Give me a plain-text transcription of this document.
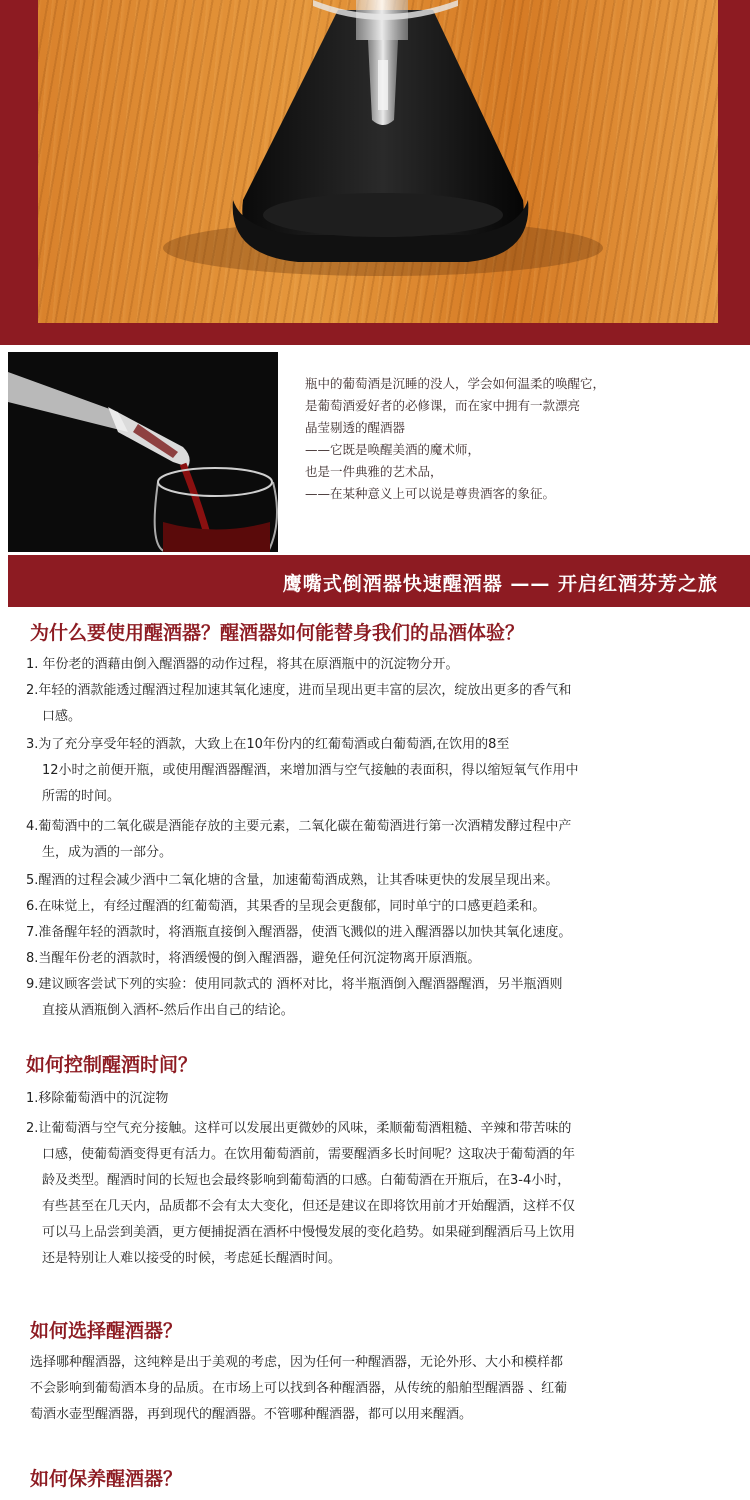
瓶中的葡萄酒是沉睡的没人，学会如何温柔的唤醒它，
是葡萄酒爱好者的必修课，而在家中拥有一款漂亮
晶莹剔透的醒酒器
——它既是唤醒美酒的魔术师，
也是一件典雅的艺术品，
——在某种意义上可以说是尊贵酒客的象征。
鹰嘴式倒酒器快速醒酒器 —— 开启红酒芬芳之旅
为什么要使用醒酒器？醒酒器如何能替身我们的品酒体验？
1. 年份老的酒藉由倒入醒酒器的动作过程，将其在原酒瓶中的沉淀物分开。
2.年轻的酒款能透过醒酒过程加速其氧化速度，进而呈现出更丰富的层次，绽放出更多的香气和
口感。
3.为了充分享受年轻的酒款，大致上在10年份内的红葡萄酒或白葡萄酒,在饮用的8至
12小时之前便开瓶，或使用醒酒器醒酒，来增加酒与空气接触的表面积，得以缩短氧气作用中
所需的时间。
4.葡萄酒中的二氧化碳是酒能存放的主要元素，二氧化碳在葡萄酒进行第一次酒精发酵过程中产
生，成为酒的一部分。
5.醒酒的过程会减少酒中二氧化塘的含量，加速葡萄酒成熟，让其香味更快的发展呈现出来。
6.在味觉上，有经过醒酒的红葡萄酒，其果香的呈现会更馥郁，同时单宁的口感更趋柔和。
7.准备醒年轻的酒款时，将酒瓶直接倒入醒酒器，使酒飞溅似的进入醒酒器以加快其氧化速度。
8.当醒年份老的酒款时，将酒缓慢的倒入醒酒器，避免任何沉淀物离开原酒瓶。
9.建议顾客尝试下列的实验：使用同款式的 酒杯对比，将半瓶酒倒入醒酒器醒酒，另半瓶酒则
直接从酒瓶倒入酒杯-然后作出自己的结论。
如何控制醒酒时间？
1.移除葡萄酒中的沉淀物
2.让葡萄酒与空气充分接触。这样可以发展出更微妙的风味，柔顺葡萄酒粗糙、辛辣和带苦味的
口感，使葡萄酒变得更有活力。在饮用葡萄酒前，需要醒酒多长时间呢？这取决于葡萄酒的年
龄及类型。醒酒时间的长短也会最终影响到葡萄酒的口感。白葡萄酒在开瓶后，在3-4小时，
有些甚至在几天内，品质都不会有太大变化，但还是建议在即将饮用前才开始醒酒，这样不仅
可以马上品尝到美酒，更方便捕捉酒在酒杯中慢慢发展的变化趋势。如果碰到醒酒后马上饮用
还是特别让人难以接受的时候，考虑延长醒酒时间。
如何选择醒酒器？
选择哪种醒酒器，这纯粹是出于美观的考虑，因为任何一种醒酒器，无论外形、大小和模样都
不会影响到葡萄酒本身的品质。在市场上可以找到各种醒酒器，从传统的船舶型醒酒器 、红葡
萄酒水壶型醒酒器，再到现代的醒酒器。不管哪种醒酒器，都可以用来醒酒。
如何保养醒酒器？
